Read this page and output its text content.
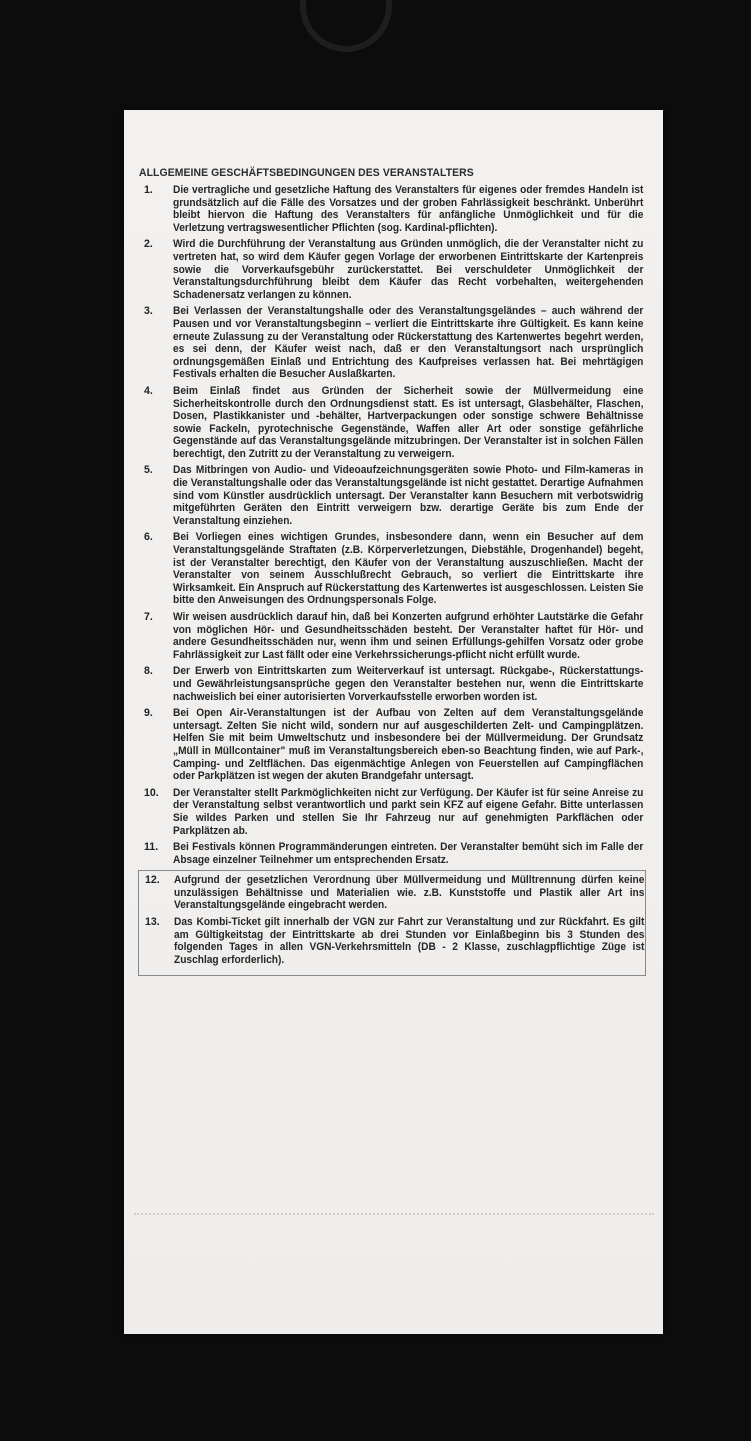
ALLGEMEINE GESCHÄFTSBEDINGUNGEN DES VERANSTALTERS
1. Die vertragliche und gesetzliche Haftung des Veranstalters für eigenes oder fremdes Handeln ist grundsätzlich auf die Fälle des Vorsatzes und der groben Fahrlässigkeit beschränkt. Unberührt bleibt hiervon die Haftung des Veranstalters für anfängliche Unmöglichkeit und für die Verletzung vertragswesentlicher Pflichten (sog. Kardinal-pflichten).
2. Wird die Durchführung der Veranstaltung aus Gründen unmöglich, die der Veranstalter nicht zu vertreten hat, so wird dem Käufer gegen Vorlage der erworbenen Eintrittskarte der Kartenpreis sowie die Vorverkaufsgebühr zurückerstattet. Bei verschuldeter Unmöglichkeit der Veranstaltungsdurchführung bleibt dem Käufer das Recht vorbehalten, weitergehenden Schadenersatz verlangen zu können.
3. Bei Verlassen der Veranstaltungshalle oder des Veranstaltungsgeländes – auch während der Pausen und vor Veranstaltungsbeginn – verliert die Eintrittskarte ihre Gültigkeit. Es kann keine erneute Zulassung zu der Veranstaltung oder Rückerstattung des Kartenwertes begehrt werden, es sei denn, der Käufer weist nach, daß er den Veranstaltungsort nach ursprünglich ordnungsgemäßen Einlaß und Entrichtung des Kaufpreises verlassen hat. Bei mehrtägigen Festivals erhalten die Besucher Auslaßkarten.
4. Beim Einlaß findet aus Gründen der Sicherheit sowie der Müllvermeidung eine Sicherheitskontrolle durch den Ordnungsdienst statt. Es ist untersagt, Glasbehälter, Flaschen, Dosen, Plastikkanister und -behälter, Hartverpackungen oder sonstige schwere Behältnisse sowie Fackeln, pyrotechnische Gegenstände, Waffen aller Art oder sonstige gefährliche Gegenstände auf das Veranstaltungsgelände mitzubringen. Der Veranstalter ist in solchen Fällen berechtigt, den Zutritt zu der Veranstaltung zu verweigern.
5. Das Mitbringen von Audio- und Videoaufzeichnungsgeräten sowie Photo- und Film-kameras in die Veranstaltungshalle oder das Veranstaltungsgelände ist nicht gestattet. Derartige Aufnahmen sind vom Künstler ausdrücklich untersagt. Der Veranstalter kann Besuchern mit verbotswidrig mitgeführten Geräten den Eintritt verweigern bzw. derartige Geräte bis zum Ende der Veranstaltung einziehen.
6. Bei Vorliegen eines wichtigen Grundes, insbesondere dann, wenn ein Besucher auf dem Veranstaltungsgelände Straftaten (z.B. Körperverletzungen, Diebstähle, Drogenhandel) begeht, ist der Veranstalter berechtigt, den Käufer von der Veranstaltung auszuschließen. Macht der Veranstalter von seinem Ausschlußrecht Gebrauch, so verliert die Eintrittskarte ihre Wirksamkeit. Ein Anspruch auf Rückerstattung des Kartenwertes ist ausgeschlossen. Leisten Sie bitte den Anweisungen des Ordnungspersonals Folge.
7. Wir weisen ausdrücklich darauf hin, daß bei Konzerten aufgrund erhöhter Lautstärke die Gefahr von möglichen Hör- und Gesundheitsschäden besteht. Der Veranstalter haftet für Hör- und andere Gesundheitsschäden nur, wenn ihm und seinen Erfüllungs-gehilfen Vorsatz oder grobe Fahrlässigkeit zur Last fällt oder eine Verkehrssicherungs-pflicht nicht erfüllt wurde.
8. Der Erwerb von Eintrittskarten zum Weiterverkauf ist untersagt. Rückgabe-, Rückerstattungs- und Gewährleistungsansprüche gegen den Veranstalter bestehen nur, wenn die Eintrittskarte nachweislich bei einer autorisierten Vorverkaufsstelle erworben worden ist.
9. Bei Open Air-Veranstaltungen ist der Aufbau von Zelten auf dem Veranstaltungsgelände untersagt. Zelten Sie nicht wild, sondern nur auf ausgeschilderten Zelt- und Campingplätzen. Helfen Sie mit beim Umweltschutz und insbesondere bei der Müllvermeidung. Der Grundsatz „Müll in Müllcontainer" muß im Veranstaltungsbereich eben-so Beachtung finden, wie auf Park-, Camping- und Zeltflächen. Das eigenmächtige Anlegen von Feuerstellen auf Campingflächen oder Parkplätzen ist wegen der akuten Brandgefahr untersagt.
10. Der Veranstalter stellt Parkmöglichkeiten nicht zur Verfügung. Der Käufer ist für seine Anreise zu der Veranstaltung selbst verantwortlich und parkt sein KFZ auf eigene Gefahr. Bitte unterlassen Sie wildes Parken und stellen Sie Ihr Fahrzeug nur auf genehmigten Parkflächen oder Parkplätzen ab.
11. Bei Festivals können Programmänderungen eintreten. Der Veranstalter bemüht sich im Falle der Absage einzelner Teilnehmer um entsprechenden Ersatz.
12. Aufgrund der gesetzlichen Verordnung über Müllvermeidung und Mülltrennung dürfen keine unzulässigen Behältnisse und Materialien wie. z.B. Kunststoffe und Plastik aller Art ins Veranstaltungsgelände eingebracht werden.
13. Das Kombi-Ticket gilt innerhalb der VGN zur Fahrt zur Veranstaltung und zur Rückfahrt. Es gilt am Gültigkeitstag der Eintrittskarte ab drei Stunden vor Einlaßbeginn bis 3 Stunden des folgenden Tages in allen VGN-Verkehrsmitteln (DB - 2 Klasse, zuschlagpflichtige Züge ist Zuschlag erforderlich).
